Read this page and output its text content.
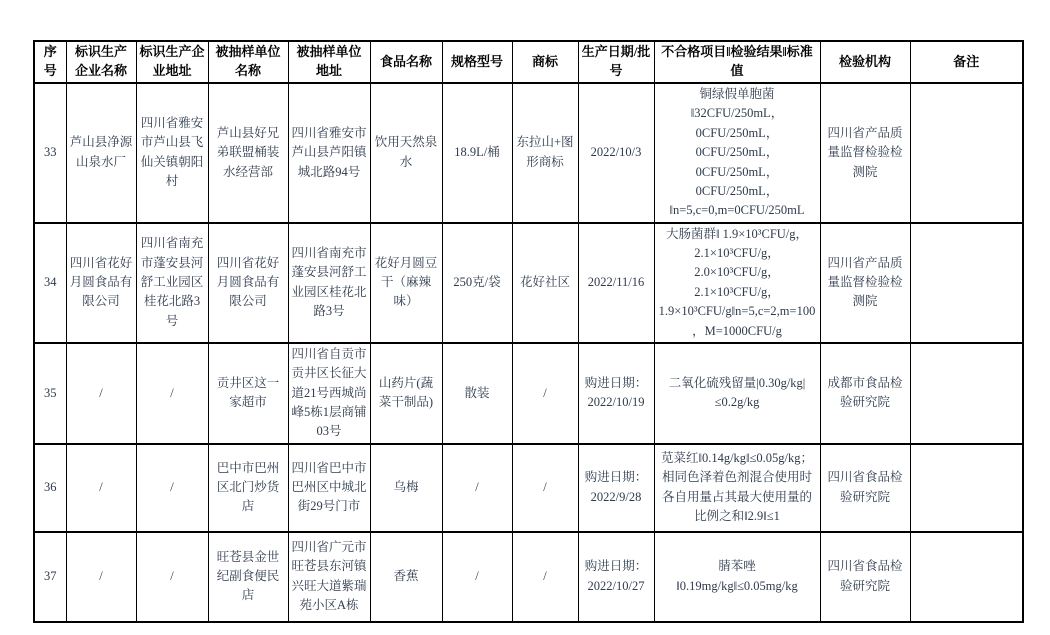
序号	标识生产企业名称	标识生产企业地址	被抽样单位名称	被抽样单位地址	食品名称	规格型号	商标	生产日期/批号	不合格项目‖检验结果‖标准值	检验机构	备注
33	芦山县净源山泉水厂	四川省雅安市芦山县飞仙关镇朝阳村	芦山县好兄弟联盟桶装水经营部	四川省雅安市芦山县芦阳镇城北路94号	饮用天然泉水	18.9L/桶	东拉山+图形商标	2022/10/3	铜绿假单胞菌‖32CFU/250mL，0CFU/250mL，0CFU/250mL，0CFU/250mL，0CFU/250mL，‖n=5,c=0,m=0CFU/250mL	四川省产品质量监督检验检测院	
34	四川省花好月圆食品有限公司	四川省南充市蓬安县河舒工业园区桂花北路3号	四川省花好月圆食品有限公司	四川省南充市蓬安县河舒工业园区桂花北路3号	花好月圆豆干（麻辣味）	250克/袋	花好社区	2022/11/16	大肠菌群‖ 1.9×10³CFU/g，2.1×10³CFU/g，2.0×10³CFU/g，2.1×10³CFU/g，1.9×10³CFU/g‖n=5,c=2,m=100，M=1000CFU/g	四川省产品质量监督检验检测院	
35	/	/	贡井区这一家超市	四川省自贡市贡井区长征大道21号西城尚峰5栋1层商铺03号	山药片(蔬菜干制品)	散装	/	购进日期：2022/10/19	二氧化硫残留量|0.30g/kg|≤0.2g/kg	成都市食品检验研究院	
36	/	/	巴中市巴州区北门炒货店	四川省巴中市巴州区中城北街29号门市	乌梅	/	/	购进日期：2022/9/28	苋菜红‖0.14g/kg‖≤0.05g/kg；相同色泽着色剂混合使用时各自用量占其最大使用量的比例之和‖2.9‖≤1	四川省食品检验研究院	
37	/	/	旺苍县金世纪副食便民店	四川省广元市旺苍县东河镇兴旺大道紫瑞苑小区A栋	香蕉	/	/	购进日期：2022/10/27	腈苯唑‖0.19mg/kg‖≤0.05mg/kg	四川省食品检验研究院	
